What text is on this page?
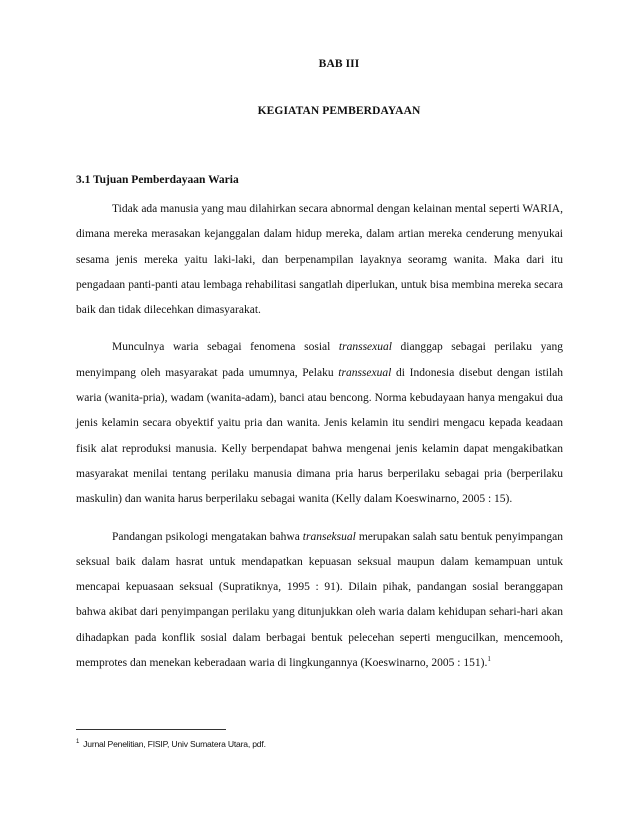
BAB III
KEGIATAN PEMBERDAYAAN
3.1 Tujuan Pemberdayaan Waria

Tidak ada manusia yang mau dilahirkan secara abnormal dengan kelainan mental seperti WARIA, dimana mereka merasakan kejanggalan dalam hidup mereka, dalam artian mereka cenderung menyukai sesama jenis mereka yaitu laki-laki, dan berpenampilan layaknya seoramg wanita. Maka dari itu pengadaan panti-panti atau lembaga rehabilitasi sangatlah diperlukan, untuk bisa membina mereka secara baik dan tidak dilecehkan dimasyarakat.

Munculnya waria sebagai fenomena sosial transsexual dianggap sebagai perilaku yang menyimpang oleh masyarakat pada umumnya, Pelaku transsexual di Indonesia disebut dengan istilah waria (wanita-pria), wadam (wanita-adam), banci atau bencong. Norma kebudayaan hanya mengakui dua jenis kelamin secara obyektif yaitu pria dan wanita. Jenis kelamin itu sendiri mengacu kepada keadaan fisik alat reproduksi manusia. Kelly berpendapat bahwa mengenai jenis kelamin dapat mengakibatkan masyarakat menilai tentang perilaku manusia dimana pria harus berperilaku sebagai pria (berperilaku maskulin) dan wanita harus berperilaku sebagai wanita (Kelly dalam Koeswinarno, 2005 : 15).

Pandangan psikologi mengatakan bahwa transeksual merupakan salah satu bentuk penyimpangan seksual baik dalam hasrat untuk mendapatkan kepuasan seksual maupun dalam kemampuan untuk mencapai kepuasaan seksual (Supratiknya, 1995 : 91). Dilain pihak, pandangan sosial beranggapan bahwa akibat dari penyimpangan perilaku yang ditunjukkan oleh waria dalam kehidupan sehari-hari akan dihadapkan pada konflik sosial dalam berbagai bentuk pelecehan seperti mengucilkan, mencemooh, memprotes dan menekan keberadaan waria di lingkungannya (Koeswinarno, 2005 : 151).$^1$

$^1$ Jurnal Penelitian, FISIP, Univ Sumatera Utara, pdf.
